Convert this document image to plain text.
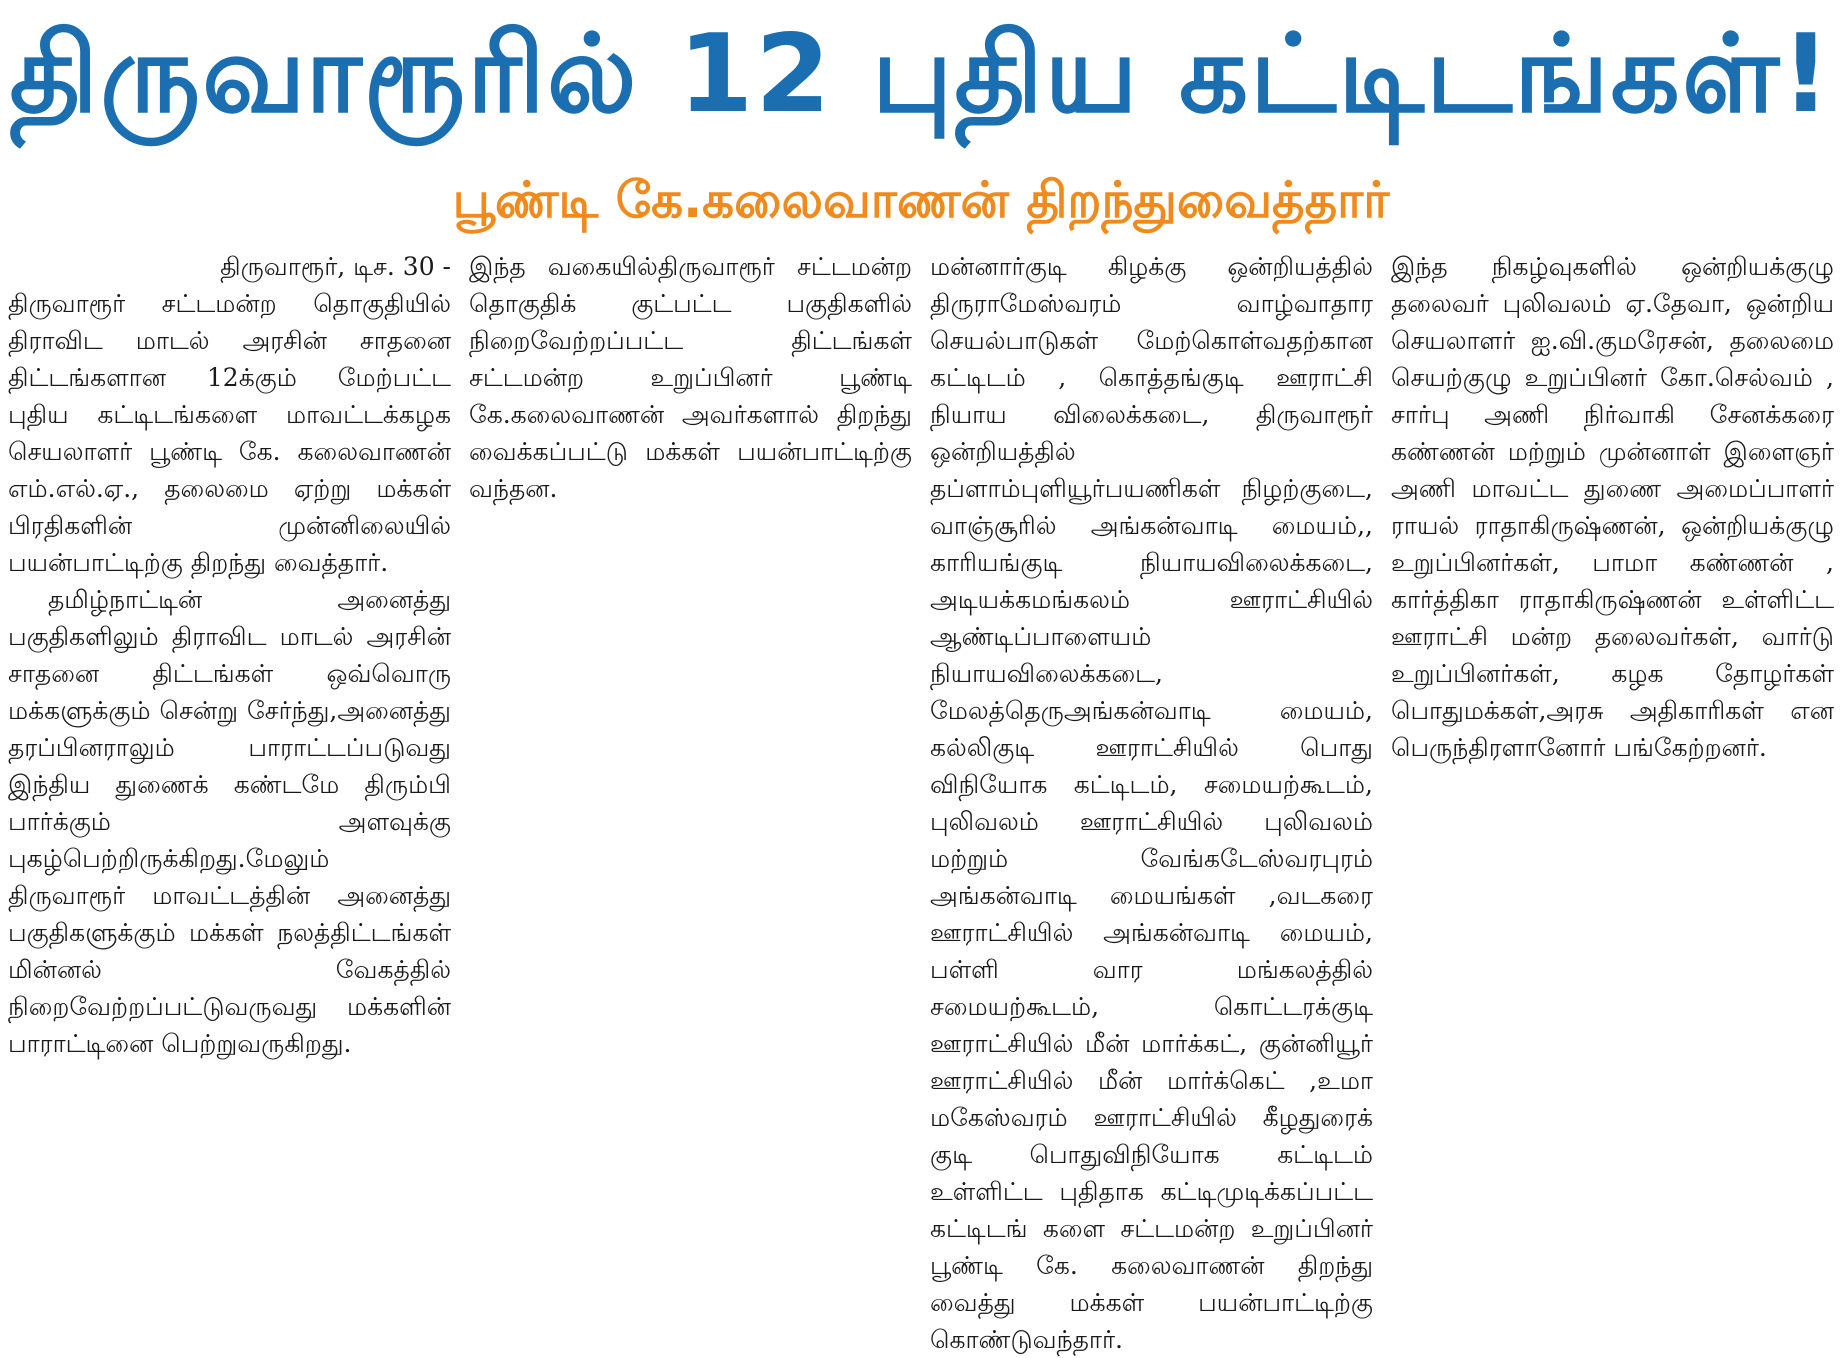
திருவாரூரில் 12 புதிய கட்டிடங்கள்!
பூண்டி கே.கலைவாணன் திறந்துவைத்தார்

திருவாரூர், டிச. 30 -
திருவாரூர் சட்டமன்ற தொகுதியில் திராவிட மாடல் அரசின் சாதனை திட்டங்களான 12க்கும் மேற்பட்ட புதிய கட்டிடங்களை மாவட்டக்கழக செயலாளர் பூண்டி கே. கலைவாணன் எம்.எல்.ஏ., தலைமை ஏற்று மக்கள் பிரதிகளின் முன்னிலையில் பயன்பாட்டிற்கு திறந்து வைத்தார்.

தமிழ்நாட்டின் அனைத்து பகுதிகளிலும் திராவிட மாடல் அரசின் சாதனை திட்டங்கள் ஒவ்வொரு மக்களுக்கும் சென்று சேர்ந்து,அனைத்து தரப்பினராலும் பாராட்டப்படுவது இந்திய துணைக் கண்டமே திரும்பி பார்க்கும் அளவுக்கு புகழ்பெற்றிருக்கிறது.மேலும் திருவாரூர் மாவட்டத்தின் அனைத்து பகுதிகளுக்கும் மக்கள் நலத்திட்டங்கள் மின்னல் வேகத்தில் நிறைவேற்றப்பட்டுவருவது மக்களின் பாராட்டினை பெற்றுவருகிறது.

இந்த வகையில்திருவாரூர் சட்டமன்ற தொகுதிக் குட்பட்ட பகுதிகளில் நிறைவேற்றப்பட்ட திட்டங்கள் சட்டமன்ற உறுப்பினர் பூண்டி கே.கலைவாணன் அவர்களால் திறந்து வைக்கப்பட்டு மக்கள் பயன்பாட்டிற்கு வந்தன.

மன்னார்குடி கிழக்கு ஒன்றியத்தில் திருராமேஸ்வரம் வாழ்வாதார செயல்பாடுகள் மேற்கொள்வதற்கான கட்டிடம் , கொத்தங்குடி ஊராட்சி நியாய விலைக்கடை, திருவாரூர் ஒன்றியத்தில் தப்ளாம்புளியூர்பயணிகள் நிழற்குடை, வாஞ்சூரில் அங்கன்வாடி மையம்,, காரியங்குடி நியாயவிலைக்கடை, அடியக்கமங்கலம் ஊராட்சியில் ஆண்டிப்பாளையம் நியாயவிலைக்கடை, மேலத்தெருஅங்கன்வாடி மையம், கல்லிகுடி ஊராட்சியில் பொது விநியோக கட்டிடம், சமையற்கூடம், புலிவலம் ஊராட்சியில் புலிவலம் மற்றும் வேங்கடேஸ்வரபுரம் அங்கன்வாடி மையங்கள் ,வடகரை ஊராட்சியில் அங்கன்வாடி மையம், பள்ளி வார மங்கலத்தில் சமையற்கூடம், கொட்டரக்குடி ஊராட்சியில் மீன் மார்க்கட், குன்னியூர் ஊராட்சியில் மீன் மார்க்கெட் ,உமா மகேஸ்வரம் ஊராட்சியில் கீழதுரைக் குடி பொதுவிநியோக கட்டிடம் உள்ளிட்ட புதிதாக கட்டிமுடிக்கப்பட்ட கட்டிடங் களை சட்டமன்ற உறுப்பினர் பூண்டி கே. கலைவாணன் திறந்து வைத்து மக்கள் பயன்பாட்டிற்கு கொண்டுவந்தார்.

இந்த நிகழ்வுகளில் ஒன்றியக்குழு தலைவர் புலிவலம் ஏ.தேவா, ஒன்றிய செயலாளர் ஐ.வி.குமரேசன், தலைமை செயற்குழு உறுப்பினர் கோ.செல்வம் , சார்பு அணி நிர்வாகி சேனக்கரை கண்ணன் மற்றும் முன்னாள் இளைஞர் அணி மாவட்ட துணை அமைப்பாளர் ராயல் ராதாகிருஷ்ணன், ஒன்றியக்குழு உறுப்பினர்கள், பாமா கண்ணன் , கார்த்திகா ராதாகிருஷ்ணன் உள்ளிட்ட ஊராட்சி மன்ற தலைவர்கள், வார்டு உறுப்பினர்கள், கழக தோழர்கள் பொதுமக்கள்,அரசு அதிகாரிகள் என பெருந்திரளானோர் பங்கேற்றனர்.
